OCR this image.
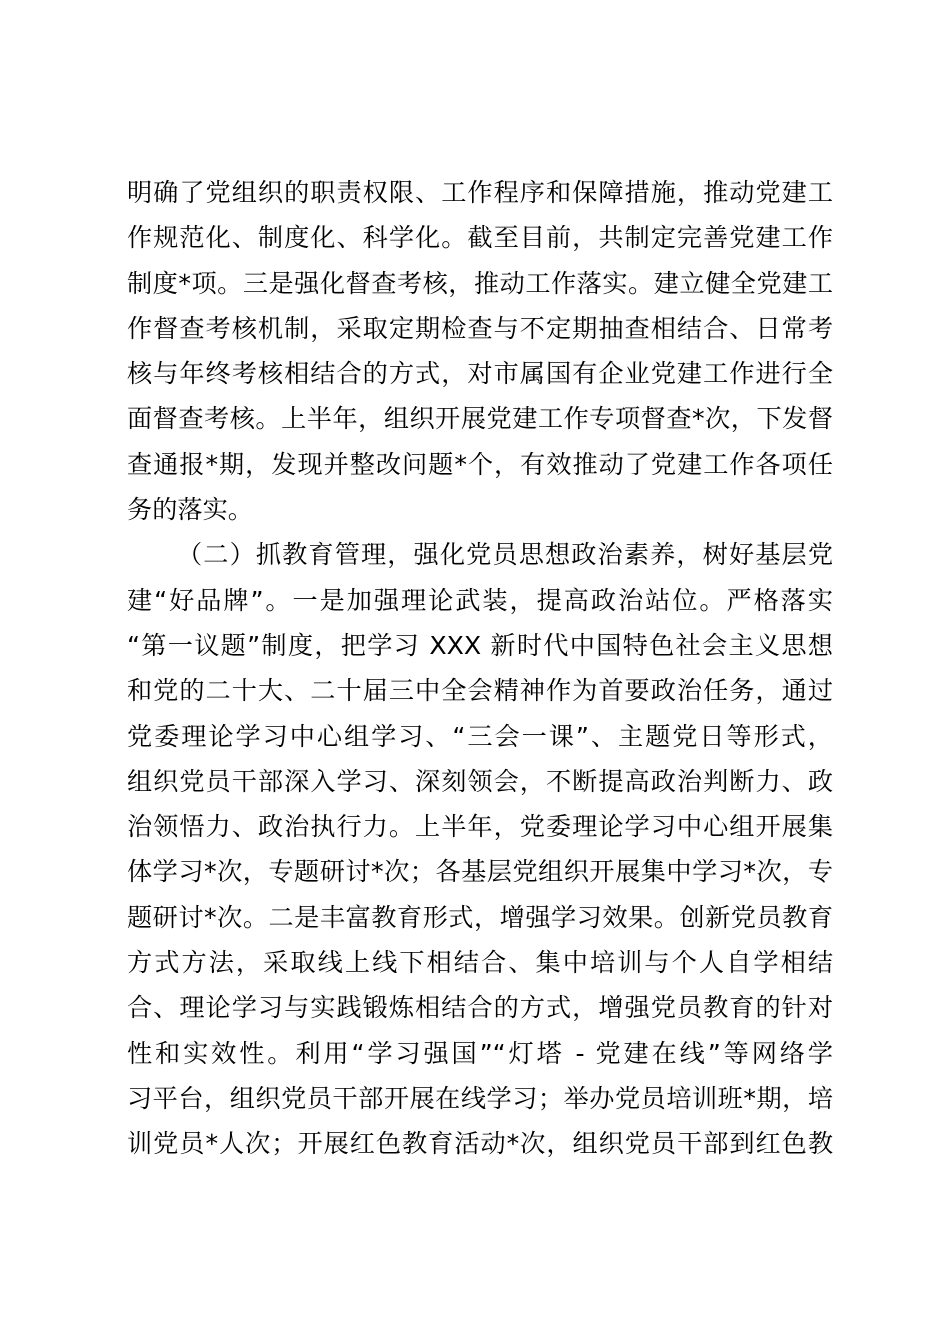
明确了党组织的职责权限、工作程序和保障措施，推动党建工
作规范化、制度化、科学化。截至目前，共制定完善党建工作
制度*项。三是强化督查考核，推动工作落实。建立健全党建工
作督查考核机制，采取定期检查与不定期抽查相结合、日常考
核与年终考核相结合的方式，对市属国有企业党建工作进行全
面督查考核。上半年，组织开展党建工作专项督查*次，下发督
查通报*期，发现并整改问题*个，有效推动了党建工作各项任
务的落实。
（二）抓教育管理，强化党员思想政治素养，树好基层党
建“好品牌”。一是加强理论武装，提高政治站位。严格落实
“第一议题”制度，把学习 XXX 新时代中国特色社会主义思想
和党的二十大、二十届三中全会精神作为首要政治任务，通过
党委理论学习中心组学习、“三会一课”、主题党日等形式，
组织党员干部深入学习、深刻领会，不断提高政治判断力、政
治领悟力、政治执行力。上半年，党委理论学习中心组开展集
体学习*次，专题研讨*次；各基层党组织开展集中学习*次，专
题研讨*次。二是丰富教育形式，增强学习效果。创新党员教育
方式方法，采取线上线下相结合、集中培训与个人自学相结
合、理论学习与实践锻炼相结合的方式，增强党员教育的针对
性和实效性。利用“学习强国”“灯塔 - 党建在线”等网络学
习平台，组织党员干部开展在线学习；举办党员培训班*期，培
训党员*人次；开展红色教育活动*次，组织党员干部到红色教
